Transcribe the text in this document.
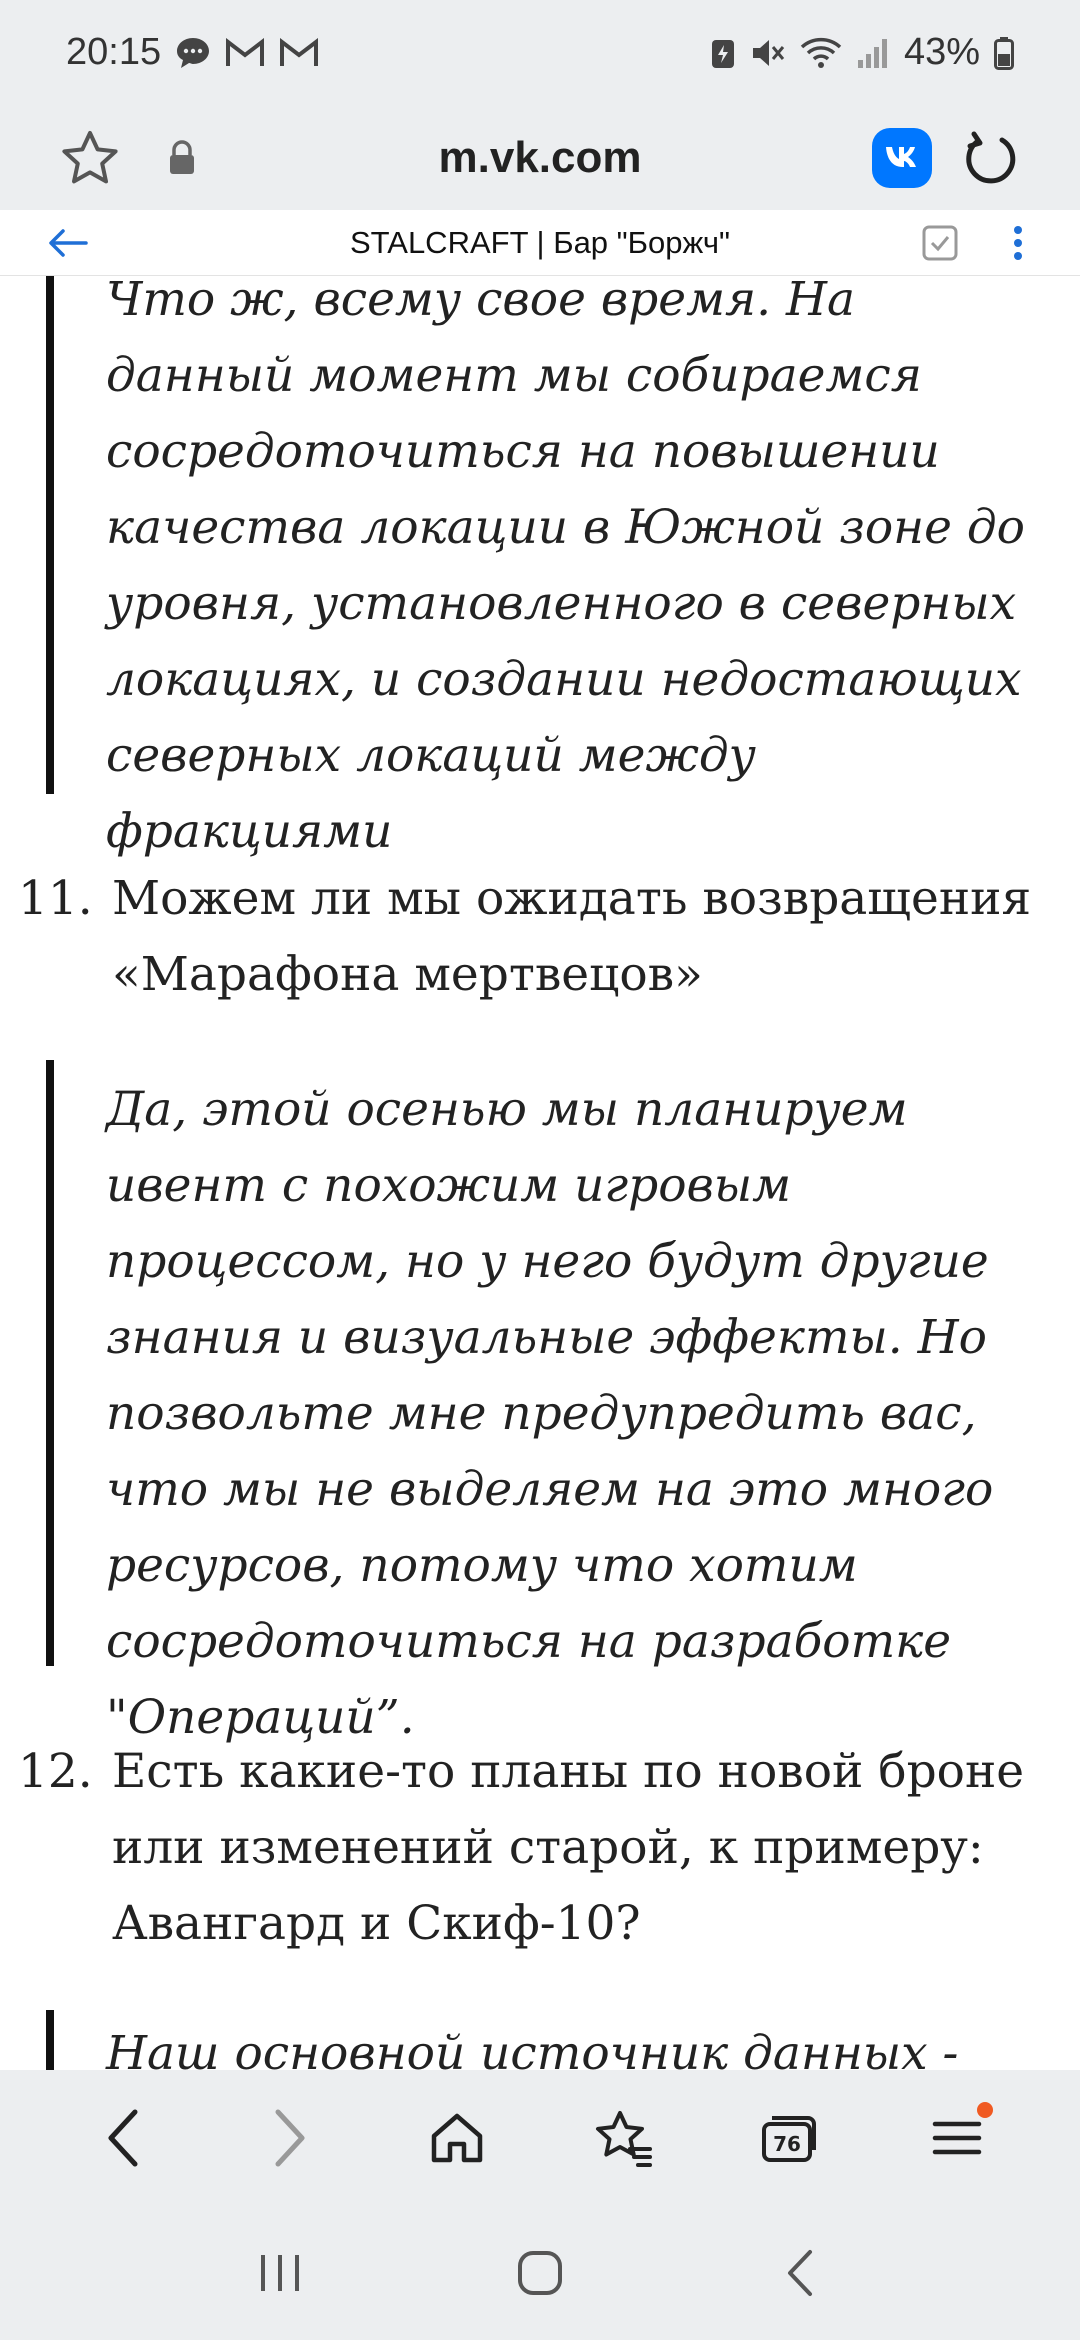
20:15	43%
m.vk.com
STALCRAFT | Бар "Боржч"
Что ж, всему свое время. На данный момент мы собираемся сосредоточиться на повышении качества локации в Южной зоне до уровня, установленного в северных локациях, и создании недостающих северных локаций между фракциями
11. Можем ли мы ожидать возвращения «Марафона мертвецов»
Да, этой осенью мы планируем ивент с похожим игровым процессом, но у него будут другие знания и визуальные эффекты. Но позвольте мне предупредить вас, что мы не выделяем на это много ресурсов, потому что хотим сосредоточиться на разработке "Операций”.
12. Есть какие-то планы по новой броне или изменений старой, к примеру: Авангард и Скиф-10?
Наш основной источник данных -
76
